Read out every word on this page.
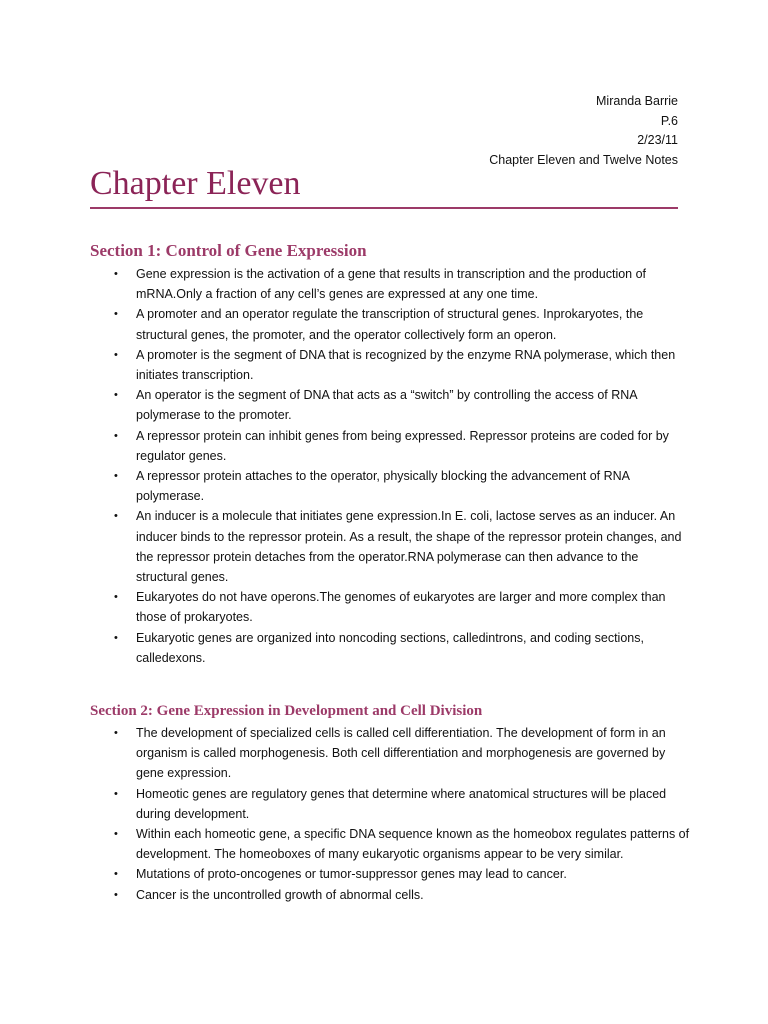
Miranda Barrie
P.6
2/23/11
Chapter Eleven and Twelve Notes
Chapter Eleven
Section 1: Control of Gene Expression
• Gene expression is the activation of a gene that results in transcription and the production of mRNA.Only a fraction of any cell’s genes are expressed at any one time.
• A promoter and an operator regulate the transcription of structural genes. Inprokaryotes, the structural genes, the promoter, and the operator collectively form an operon.
• A promoter is the segment of DNA that is recognized by the enzyme RNA polymerase, which then initiates transcription.
• An operator is the segment of DNA that acts as a “switch” by controlling the access of RNA polymerase to the promoter.
• A repressor protein can inhibit genes from being expressed. Repressor proteins are coded for by regulator genes.
• A repressor protein attaches to the operator, physically blocking the advancement of RNA polymerase.
• An inducer is a molecule that initiates gene expression.In E. coli, lactose serves as an inducer. An inducer binds to the repressor protein. As a result, the shape of the repressor protein changes, and the repressor protein detaches from the operator.RNA polymerase can then advance to the structural genes.
• Eukaryotes do not have operons.The genomes of eukaryotes are larger and more complex than those of prokaryotes.
• Eukaryotic genes are organized into noncoding sections, calledintrons, and coding sections, calledexons.
Section 2: Gene Expression in Development and Cell Division
• The development of specialized cells is called cell differentiation. The development of form in an organism is called morphogenesis. Both cell differentiation and morphogenesis are governed by gene expression.
• Homeotic genes are regulatory genes that determine where anatomical structures will be placed during development.
• Within each homeotic gene, a specific DNA sequence known as the homeobox regulates patterns of development. The homeoboxes of many eukaryotic organisms appear to be very similar.
• Mutations of proto-oncogenes or tumor-suppressor genes may lead to cancer.
• Cancer is the uncontrolled growth of abnormal cells.
